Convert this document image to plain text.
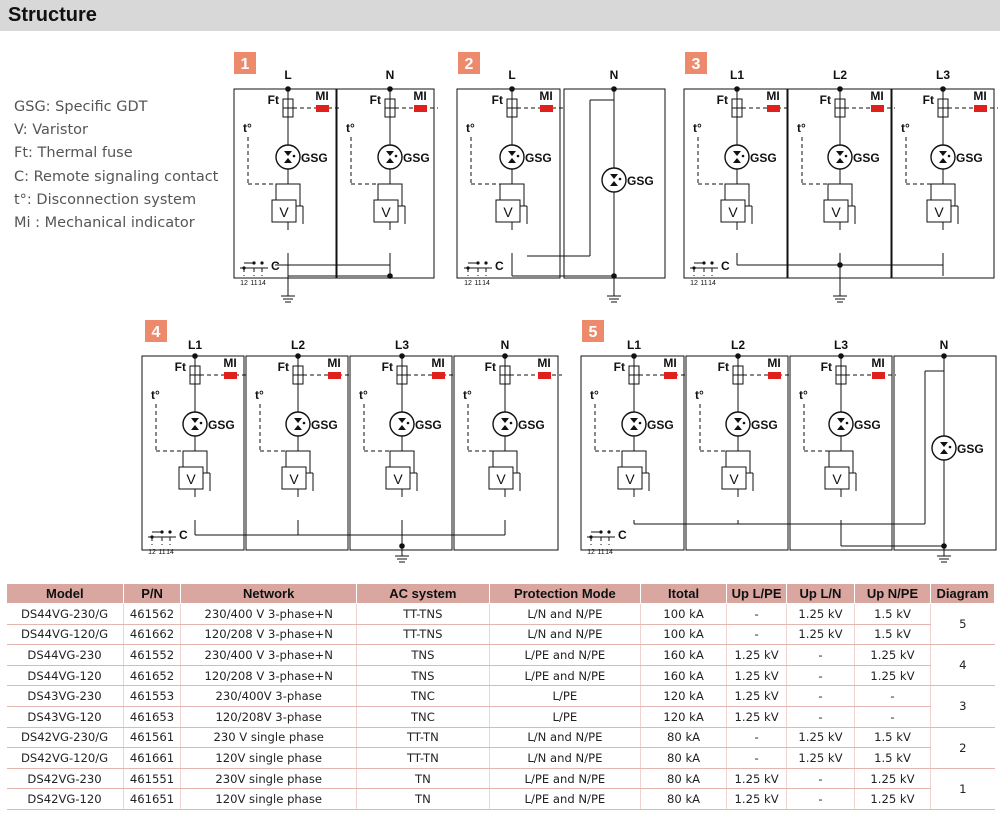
Structure
GSG: Specific GDT
V: Varistor
Ft: Thermal fuse
C: Remote signaling contact
t°: Disconnection system
Mi : Mechanical indicator
1
L	N
Ft	MI
t°
GSG
V
Ft	MI
t°
GSG
V
C
12 11 14
2
L	N
Ft	MI
t°
GSG
V
GSG
C
12 11 14
3
L1	L2	L3
Ft	MI
t°
GSG
V
Ft	MI
t°
GSG
V
Ft	MI
t°
GSG
V
C
12 11 14
4
L1	L2	L3	N
Ft	MI
t°
GSG
V
Ft	MI
t°
GSG
V
Ft	MI
t°
GSG
V
Ft	MI
t°
GSG
V
C
12 11 14
5
L1	L2	L3	N
Ft	MI
t°
GSG
V
Ft	MI
t°
GSG
V
Ft	MI
t°
GSG
V
GSG
C
12 11 14
Model	P/N	Network	AC system	Protection Mode	Itotal	Up L/PE	Up L/N	Up N/PE	Diagram
DS44VG-230/G	461562	230/400 V 3-phase+N	TT-TNS	L/N and N/PE	100 kA	-	1.25 kV	1.5 kV	5
DS44VG-120/G	461662	120/208 V 3-phase+N	TT-TNS	L/N and N/PE	100 kA	-	1.25 kV	1.5 kV	
DS44VG-230	461552	230/400 V 3-phase+N	TNS	L/PE and N/PE	160 kA	1.25 kV	-	1.25 kV	4
DS44VG-120	461652	120/208 V 3-phase+N	TNS	L/PE and N/PE	160 kA	1.25 kV	-	1.25 kV	
DS43VG-230	461553	230/400V 3-phase	TNC	L/PE	120 kA	1.25 kV	-	-	3
DS43VG-120	461653	120/208V 3-phase	TNC	L/PE	120 kA	1.25 kV	-	-	
DS42VG-230/G	461561	230 V single phase	TT-TN	L/N and N/PE	80 kA	-	1.25 kV	1.5 kV	2
DS42VG-120/G	461661	120V single phase	TT-TN	L/N and N/PE	80 kA	-	1.25 kV	1.5 kV	
DS42VG-230	461551	230V single phase	TN	L/PE and N/PE	80 kA	1.25 kV	-	1.25 kV	1
DS42VG-120	461651	120V single phase	TN	L/PE and N/PE	80 kA	1.25 kV	-	1.25 kV	
